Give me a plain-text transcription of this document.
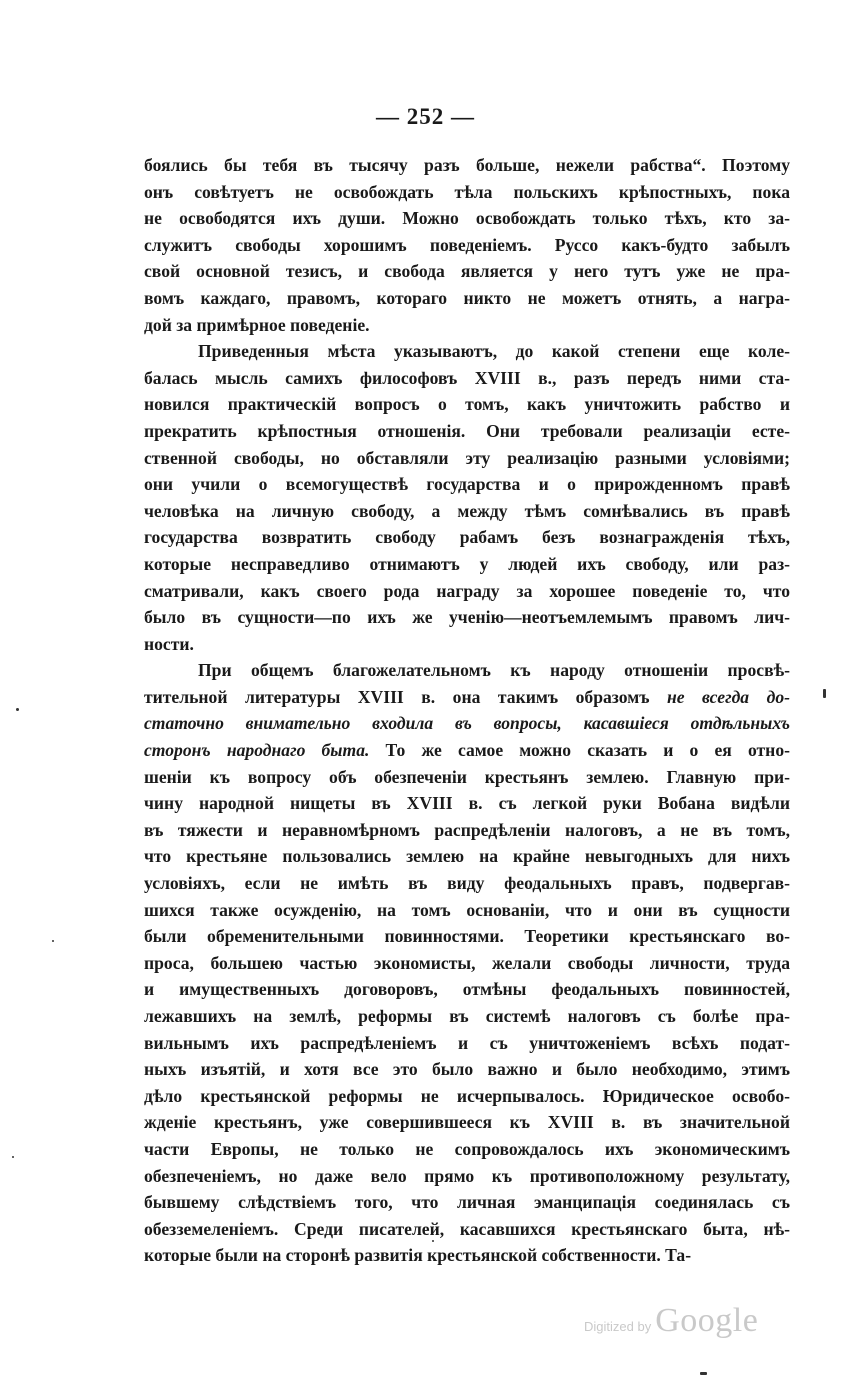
— 252 —
боялись бы тебя въ тысячу разъ больше, нежели рабства“. Поэтому
онъ совѣтуетъ не освобождать тѣла польскихъ крѣпостныхъ, пока
не освободятся ихъ души. Можно освобождать только тѣхъ, кто за-
служитъ свободы хорошимъ поведеніемъ. Руссо какъ-будто забылъ
свой основной тезисъ, и свобода является у него тутъ уже не пра-
вомъ каждаго, правомъ, котораго никто не можетъ отнять, а награ-
дой за примѣрное поведеніе.
Приведенныя мѣста указываютъ, до какой степени еще коле-
балась мысль самихъ философовъ XVIII в., разъ передъ ними ста-
новился практическій вопросъ о томъ, какъ уничтожить рабство и
прекратить крѣпостныя отношенія. Они требовали реализаціи есте-
ственной свободы, но обставляли эту реализацію разными условіями;
они учили о всемогуществѣ государства и о прирожденномъ правѣ
человѣка на личную свободу, а между тѣмъ сомнѣвались въ правѣ
государства возвратить свободу рабамъ безъ вознагражденія тѣхъ,
которые несправедливо отнимаютъ у людей ихъ свободу, или раз-
сматривали, какъ своего рода награду за хорошее поведеніе то, что
было въ сущности—по ихъ же ученію—неотъемлемымъ правомъ лич-
ности.
При общемъ благожелательномъ къ народу отношеніи просвѣ-
тительной литературы XVIII в. она такимъ образомъ не всегда до-
статочно внимательно входила въ вопросы, касавшіеся отдѣльныхъ
сторонъ народнаго быта. То же самое можно сказать и о ея отно-
шеніи къ вопросу объ обезпеченіи крестьянъ землею. Главную при-
чину народной нищеты въ XVIII в. съ легкой руки Вобана видѣли
въ тяжести и неравномѣрномъ распредѣленіи налоговъ, а не въ томъ,
что крестьяне пользовались землею на крайне невыгодныхъ для нихъ
условіяхъ, если не имѣть въ виду феодальныхъ правъ, подвергав-
шихся также осужденію, на томъ основаніи, что и они въ сущности
были обременительными повинностями. Теоретики крестьянскаго во-
проса, большею частью экономисты, желали свободы личности, труда
и имущественныхъ договоровъ, отмѣны феодальныхъ повинностей,
лежавшихъ на землѣ, реформы въ системѣ налоговъ съ болѣе пра-
вильнымъ ихъ распредѣленіемъ и съ уничтоженіемъ всѣхъ подат-
ныхъ изъятій, и хотя все это было важно и было необходимо, этимъ
дѣло крестьянской реформы не исчерпывалось. Юридическое освобо-
жденіе крестьянъ, уже совершившееся къ XVIII в. въ значительной
части Европы, не только не сопровождалось ихъ экономическимъ
обезпеченіемъ, но даже вело прямо къ противоположному результату,
бывшему слѣдствіемъ того, что личная эманципація соединялась съ
обезземеленіемъ. Среди писателей, касавшихся крестьянскаго быта, нѣ-
которые были на сторонѣ развитія крестьянской собственности. Та-
Digitized by Google
